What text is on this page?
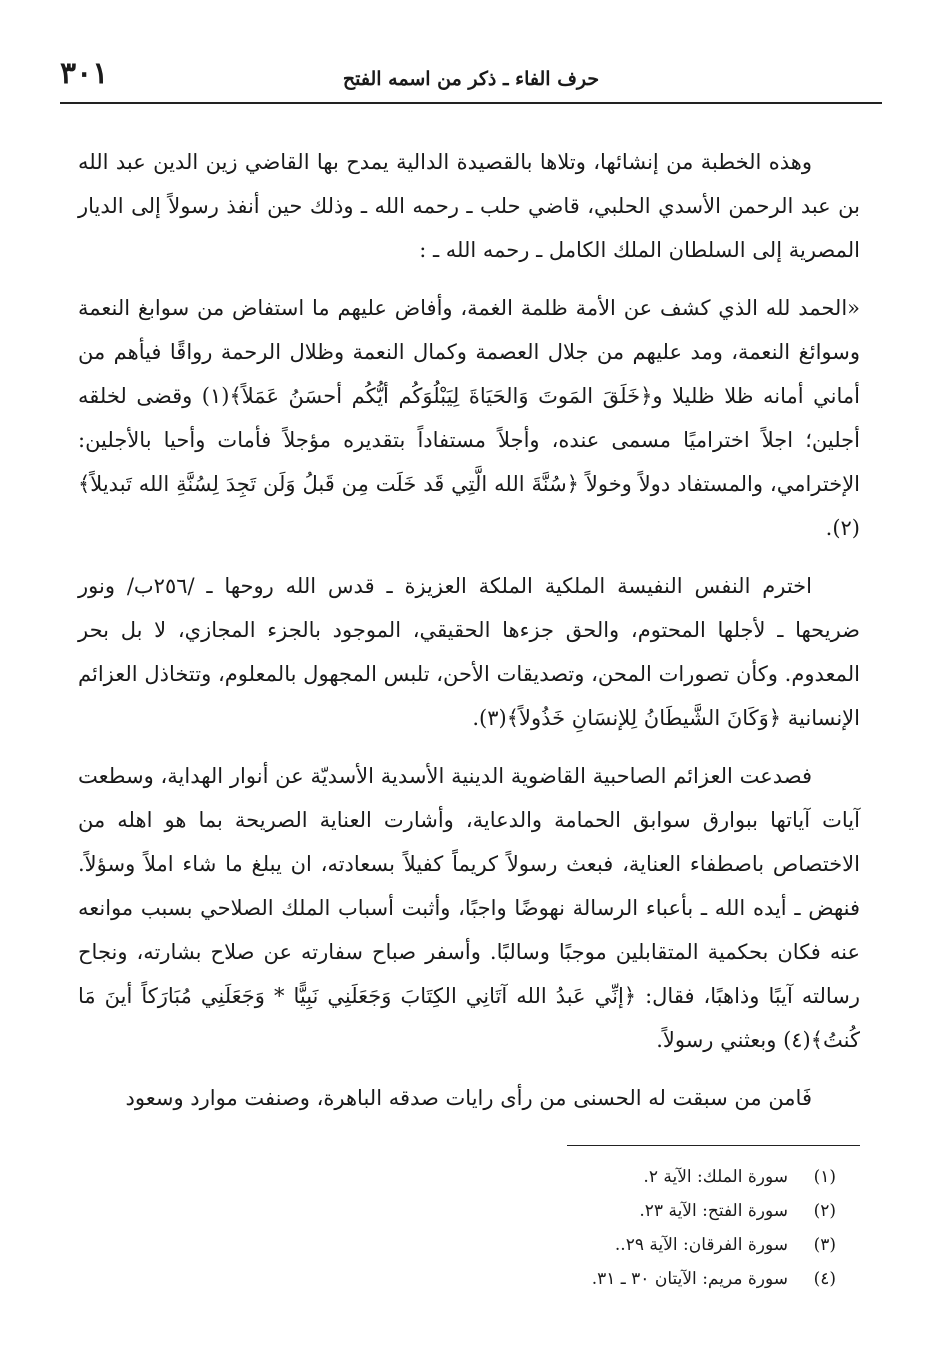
٣٠١	حرف الفاء ـ ذكر من اسمه الفتح

وهذه الخطبة من إنشائها، وتلاها بالقصيدة الدالية يمدح بها القاضي زين الدين عبد الله بن عبد الرحمن الأسدي الحلبي، قاضي حلب ـ رحمه الله ـ وذلك حين أنفذ رسولاً إلى الديار المصرية إلى السلطان الملك الكامل ـ رحمه الله ـ :

«الحمد لله الذي كشف عن الأمة ظلمة الغمة، وأفاض عليهم ما استفاض من سوابغ النعمة وسوائغ النعمة، ومد عليهم من جلال العصمة وكمال النعمة وظلال الرحمة رواقًا فيأهم من أماني أمانه ظلا ظليلا و﴿خَلَقَ المَوتَ وَالحَيَاةَ لِيَبْلُوَكُم أيُّكُم أحسَنُ عَمَلاً﴾(١) وقضى لخلقه أجلين؛ اجلاً اختراميًا مسمى عنده، وأجلاً مستفاداً بتقديره مؤجلاً فأمات وأحيا بالأجلين: الإخترامي، والمستفاد دولاً وخولاً ﴿سُنَّةَ الله الَّتِي قَد خَلَت مِن قَبلُ وَلَن تَجِدَ لِسُنَّةِ الله تَبديلاً﴾(٢).

اخترم النفس النفيسة الملكية الملكة العزيزة ـ قدس الله روحها ـ /٢٥٦ب/ ونور ضريحها ـ لأجلها المحتوم، والحق جزءها الحقيقي، الموجود بالجزء المجازي، لا بل بحر المعدوم. وكأن تصورات المحن، وتصديقات الأحن، تلبس المجهول بالمعلوم، وتتخاذل العزائم الإنسانية ﴿وَكَانَ الشَّيطَانُ لِلإنسَانِ خَذُولاً﴾(٣).

فصدعت العزائم الصاحبية القاضوية الدينية الأسدية الأسديّة عن أنوار الهداية، وسطعت آيات آياتها ببوارق سوابق الحمامة والدعاية، وأشارت العناية الصريحة بما هو اهله من الاختصاص باصطفاء العناية، فبعث رسولاً كريماً كفيلاً بسعادته، ان يبلغ ما شاء املاً وسؤلاً. فنهض ـ أيده الله ـ بأعباء الرسالة نهوضًا واجبًا، وأثبت أسباب الملك الصلاحي بسبب موانعه عنه فكان بحكمية المتقابلين موجبًا وسالبًا. وأسفر صباح سفارته عن صلاح بشارته، ونجاح رسالته آيبًا وذاهبًا، فقال: ﴿إنِّي عَبدُ الله آتَانِي الكِتَابَ وَجَعَلَنِي نَبِيًّا * وَجَعَلَنِي مُبَارَكاً أينَ مَا كُنتُ﴾(٤) وبعثني رسولاً.

فَامن من سبقت له الحسنى من رأى رايات صدقه الباهرة، وصنفت موارد وسعود

(١)
سورة الملك: الآية ٢.
(٢)
سورة الفتح: الآية ٢٣.
(٣)
سورة الفرقان: الآية ٢٩..
(٤)
سورة مريم: الآيتان ٣٠ ـ ٣١.
